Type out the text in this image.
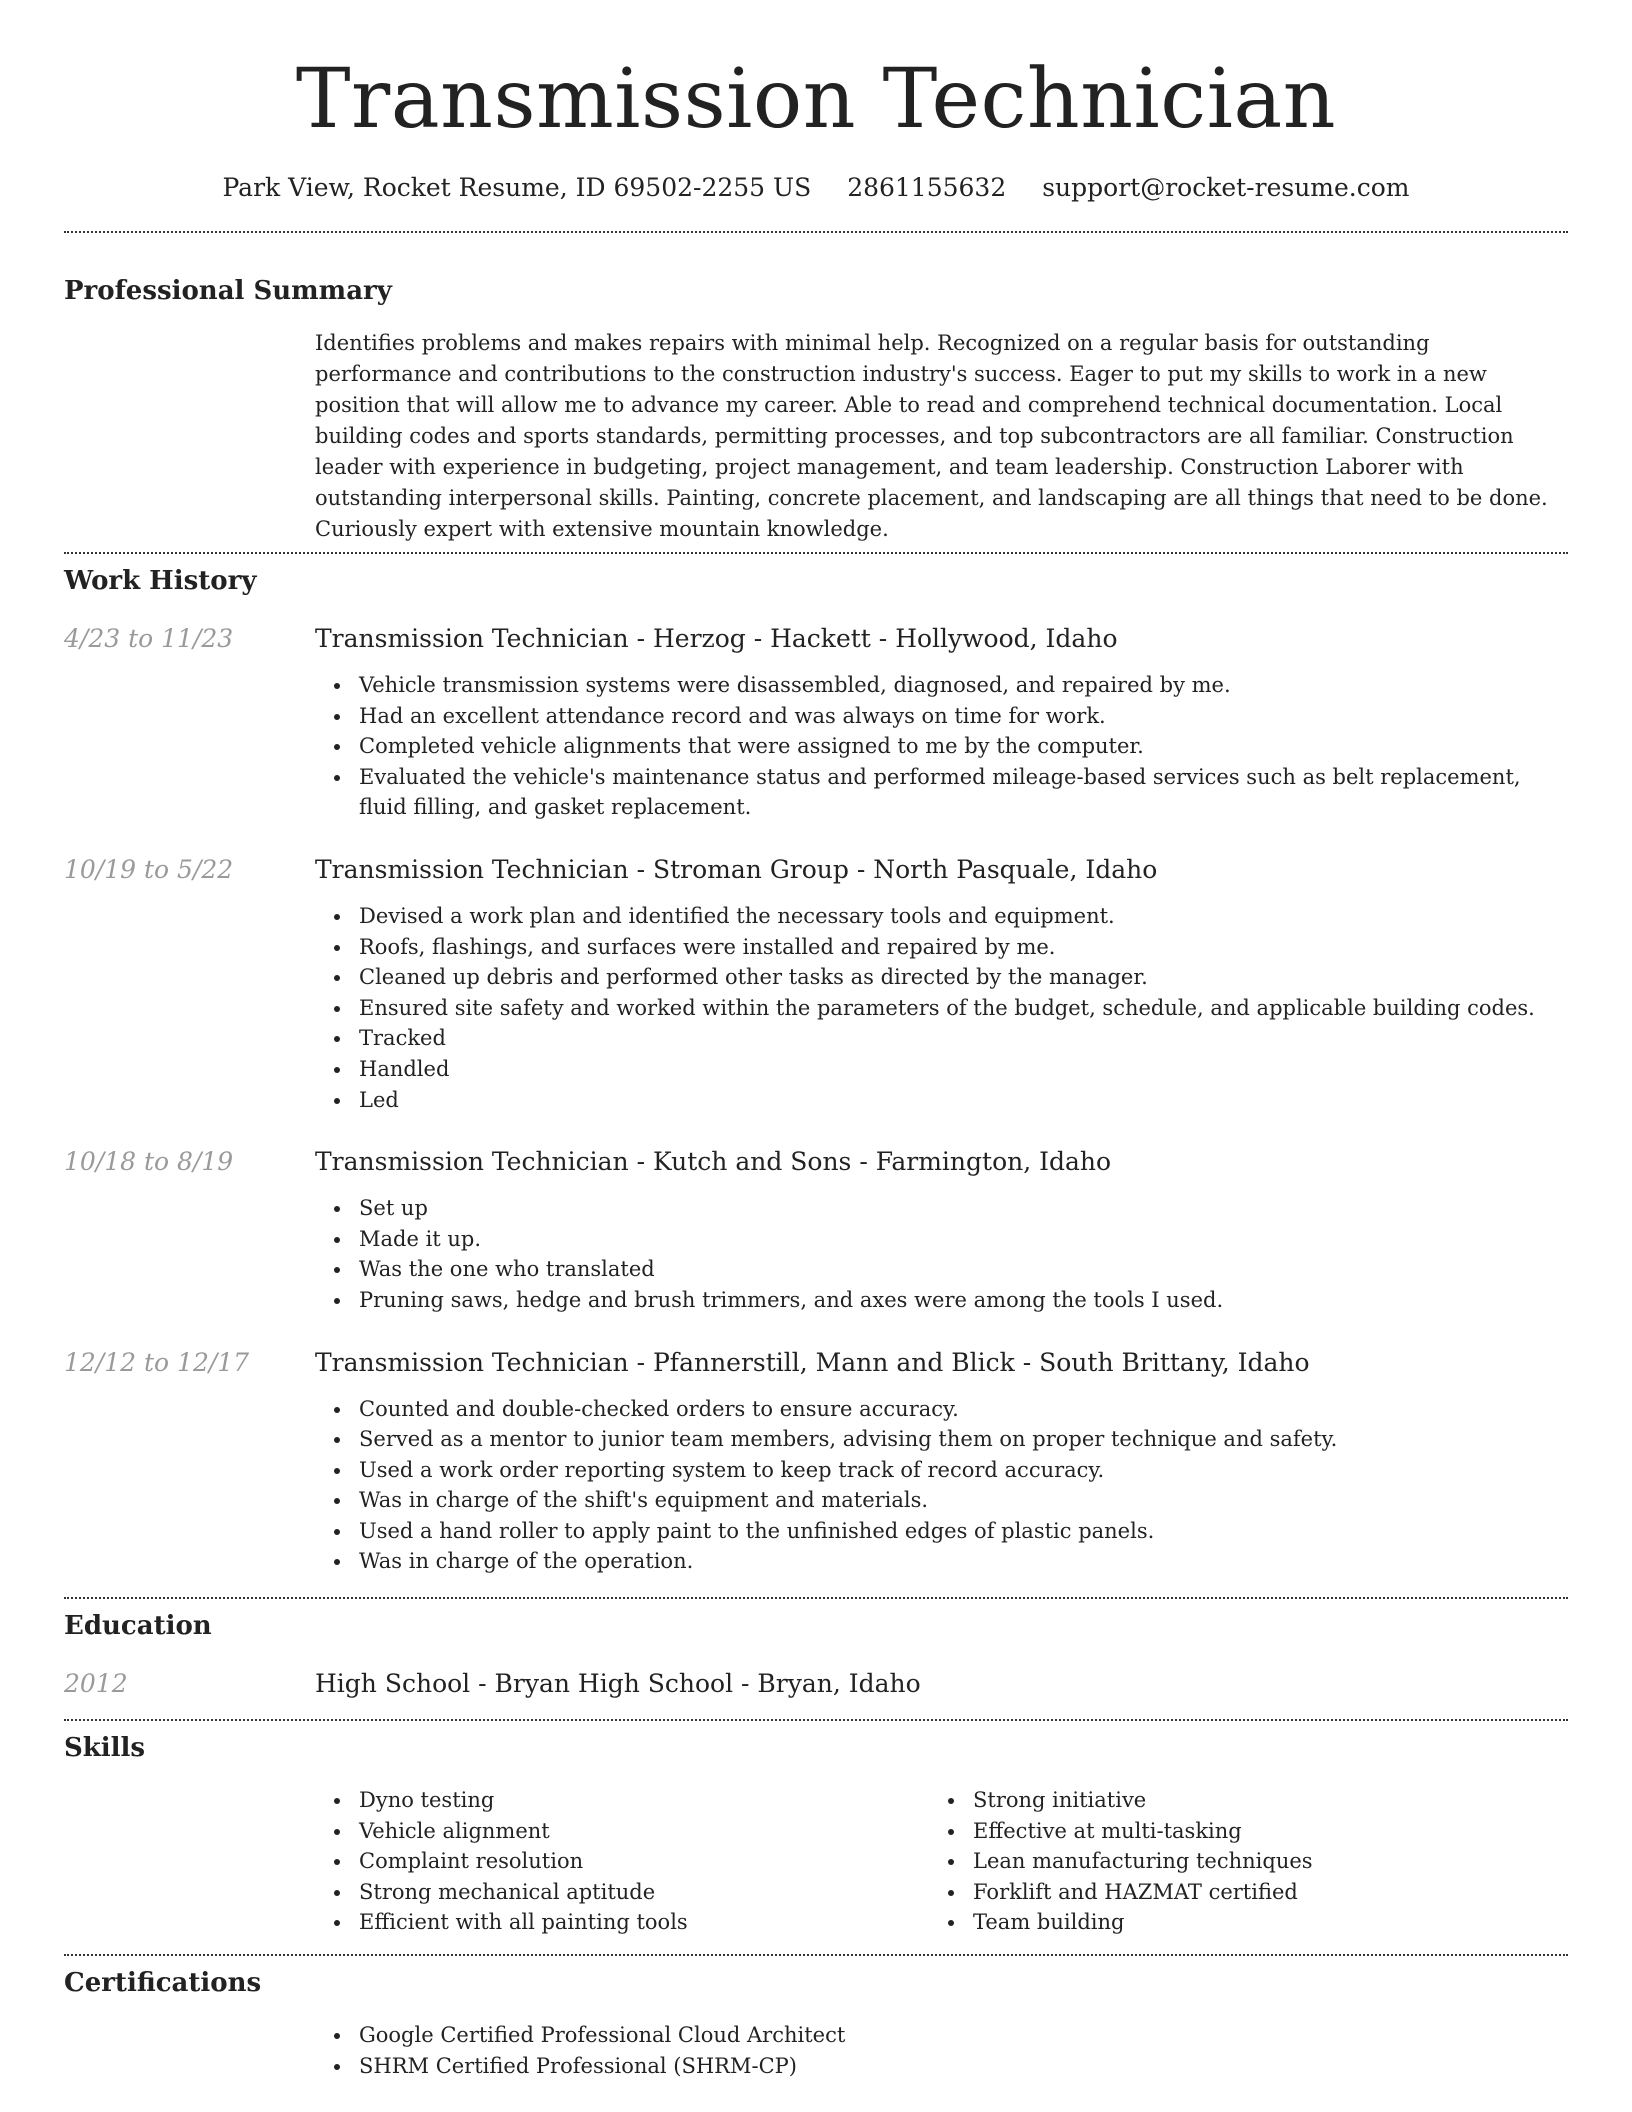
Transmission Technician
Park View, Rocket Resume, ID 69502-2255 US 2861155632 support@rocket-resume.com
Professional Summary

Identifies problems and makes repairs with minimal help. Recognized on a regular basis for outstanding performance and contributions to the construction industry's success. Eager to put my skills to work in a new position that will allow me to advance my career. Able to read and comprehend technical documentation. Local building codes and sports standards, permitting processes, and top subcontractors are all familiar. Construction leader with experience in budgeting, project management, and team leadership. Construction Laborer with outstanding interpersonal skills. Painting, concrete placement, and landscaping are all things that need to be done. Curiously expert with extensive mountain knowledge.

Work History
4/23 to 11/23	Transmission Technician - Herzog - Hackett - Hollywood, Idaho
Vehicle transmission systems were disassembled, diagnosed, and repaired by me.
Had an excellent attendance record and was always on time for work.
Completed vehicle alignments that were assigned to me by the computer.
Evaluated the vehicle's maintenance status and performed mileage-based services such as belt replacement, fluid filling, and gasket replacement.
10/19 to 5/22	Transmission Technician - Stroman Group - North Pasquale, Idaho
Devised a work plan and identified the necessary tools and equipment.
Roofs, flashings, and surfaces were installed and repaired by me.
Cleaned up debris and performed other tasks as directed by the manager.
Ensured site safety and worked within the parameters of the budget, schedule, and applicable building codes.
Tracked
Handled
Led
10/18 to 8/19	Transmission Technician - Kutch and Sons - Farmington, Idaho
Set up
Made it up.
Was the one who translated
Pruning saws, hedge and brush trimmers, and axes were among the tools I used.
12/12 to 12/17	Transmission Technician - Pfannerstill, Mann and Blick - South Brittany, Idaho
Counted and double-checked orders to ensure accuracy.
Served as a mentor to junior team members, advising them on proper technique and safety.
Used a work order reporting system to keep track of record accuracy.
Was in charge of the shift's equipment and materials.
Used a hand roller to apply paint to the unfinished edges of plastic panels.
Was in charge of the operation.
Education
2012	High School - Bryan High School - Bryan, Idaho
Skills
Dyno testing
Vehicle alignment
Complaint resolution
Strong mechanical aptitude
Efficient with all painting tools
Strong initiative
Effective at multi-tasking
Lean manufacturing techniques
Forklift and HAZMAT certified
Team building
Certifications
Google Certified Professional Cloud Architect
SHRM Certified Professional (SHRM-CP)
